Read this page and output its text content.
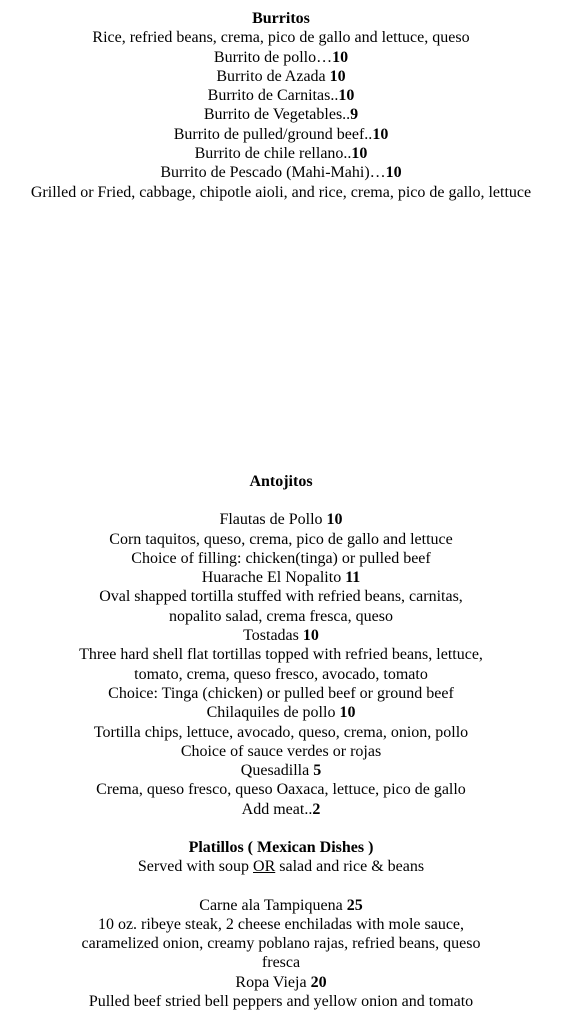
Burritos
Rice, refried beans, crema, pico de gallo and lettuce, queso
Burrito de pollo…10
Burrito de Azada 10
Burrito de Carnitas..10
Burrito de Vegetables..9
Burrito de pulled/ground beef..10
Burrito de chile rellano..10
Burrito de Pescado (Mahi-Mahi)…10
Grilled or Fried, cabbage, chipotle aioli, and rice, crema, pico de gallo, lettuce
Antojitos
Flautas de Pollo 10
Corn taquitos, queso, crema, pico de gallo and lettuce
Choice of filling: chicken(tinga) or pulled beef
Huarache El Nopalito 11
Oval shapped tortilla stuffed with refried beans, carnitas,
nopalito salad, crema fresca, queso
Tostadas 10
Three hard shell flat tortillas topped with refried beans, lettuce,
tomato, crema, queso fresco, avocado, tomato
Choice: Tinga (chicken) or pulled beef or ground beef
Chilaquiles de pollo 10
Tortilla chips, lettuce, avocado, queso, crema, onion, pollo
Choice of sauce verdes or rojas
Quesadilla 5
Crema, queso fresco, queso Oaxaca, lettuce, pico de gallo
Add meat..2
Platillos ( Mexican Dishes )
Served with soup OR salad and rice & beans
Carne ala Tampiquena 25
10 oz. ribeye steak, 2 cheese enchiladas with mole sauce,
caramelized onion, creamy poblano rajas, refried beans, queso
fresca
Ropa Vieja 20
Pulled beef stried bell peppers and yellow onion and tomato
